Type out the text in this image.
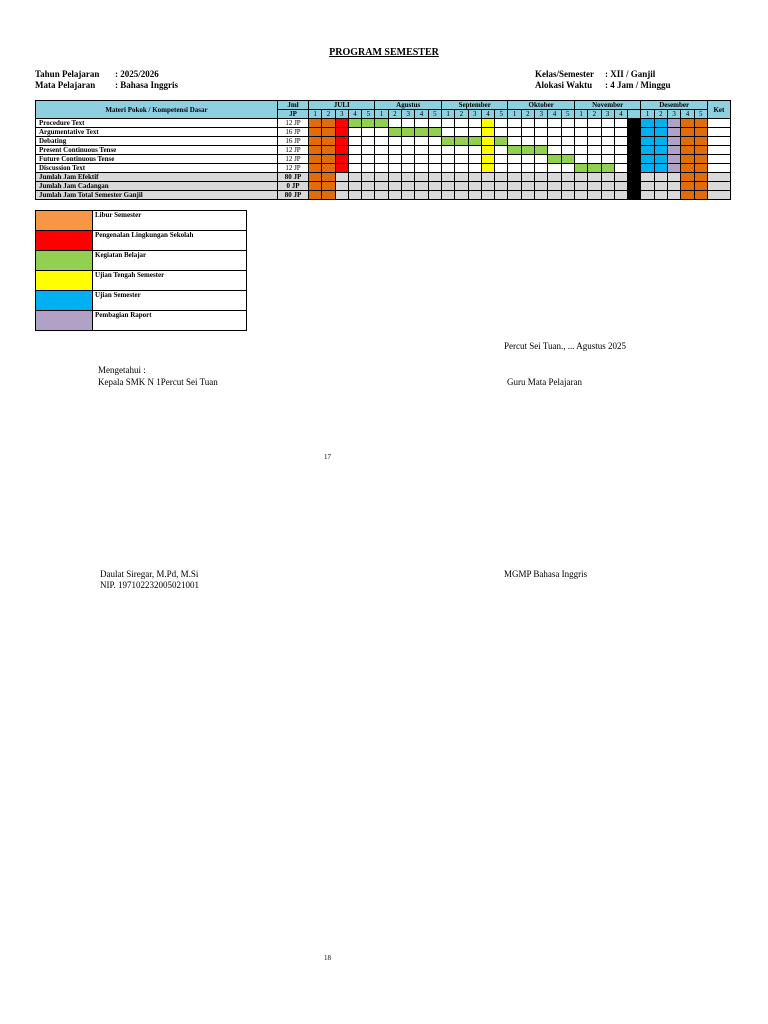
PROGRAM SEMESTER
Tahun Pelajaran : 2025/2026
Mata Pelajaran : Bahasa Inggris
Kelas/Semester : XII / Ganjil
Alokasi Waktu : 4 Jam / Minggu
Materi Pokok / Kompetensi Dasar	Jml	JULI					Agustus					September					Oktober					November					Desember					Ket
	JP	1	2	3	4	5	1	2	3	4	5	1	2	3	4	5	1	2	3	4	5	1	2	3	4		1	2	3	4	5	
Procedure Text	12 JP																															
Argumentative Text	16 JP																															
Debating	16 JP																															
Present Continuous Tense	12 JP																															
Future Continuous Tense	12 JP																															
Discussion Text	12 JP																															
Jumlah Jam Efektif	80 JP																															
Jumlah Jam Cadangan	0 JP																															
Jumlah Jam Total Semester Ganjil	80 JP																															
	Libur Semester
	Pengenalan Lingkungan Sekolah
	Kegiatan Belajar
	Ujian Tengah Semester
	Ujian Semester
	Pembagian Raport
Percut Sei Tuan., ... Agustus 2025
Mengetahui :
Kepala SMK N 1Percut Sei Tuan	Guru Mata Pelajaran
17
Daulat Siregar, M.Pd, M.Si
NIP. 197102232005021001
MGMP Bahasa Inggris
18
